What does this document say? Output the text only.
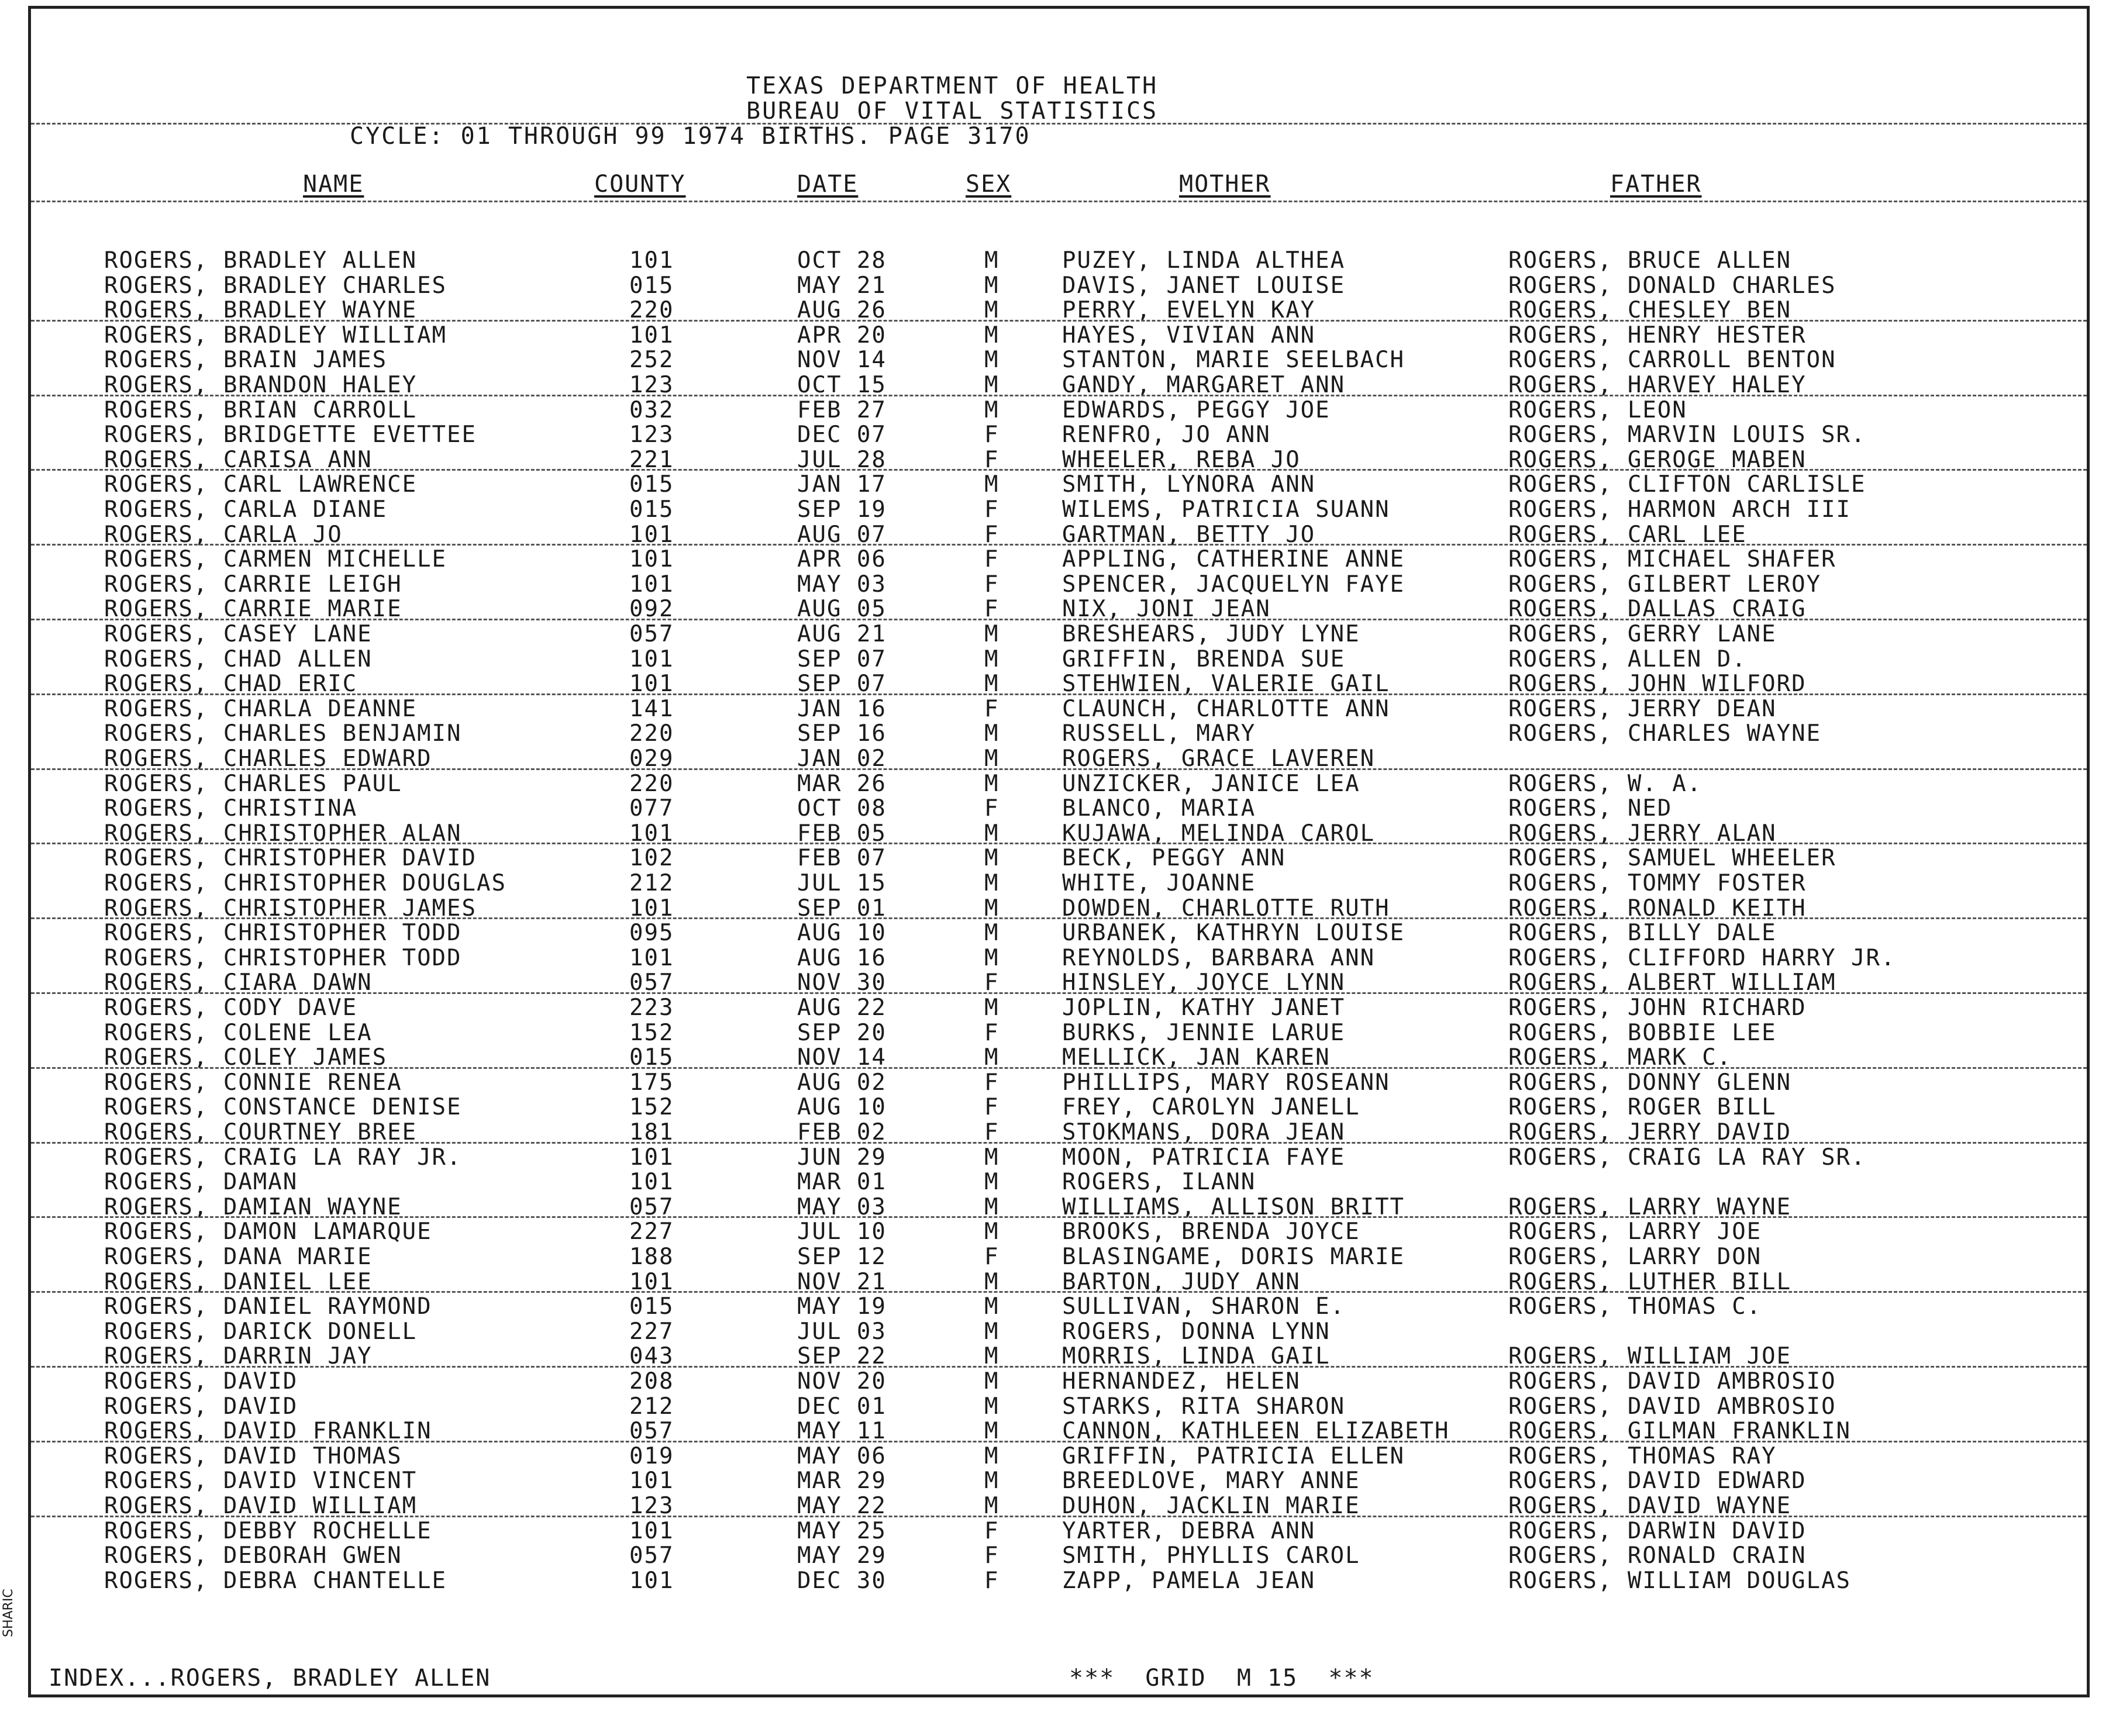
TEXAS DEPARTMENT OF HEALTH
BUREAU OF VITAL STATISTICS
CYCLE: 01 THROUGH 99 1974 BIRTHS. PAGE 3170
NAME	COUNTY	DATE	SEX	MOTHER	FATHER
ROGERS, BRADLEY ALLEN	101	OCT 28	M	PUZEY, LINDA ALTHEA	ROGERS, BRUCE ALLEN
ROGERS, BRADLEY CHARLES	015	MAY 21	M	DAVIS, JANET LOUISE	ROGERS, DONALD CHARLES
ROGERS, BRADLEY WAYNE	220	AUG 26	M	PERRY, EVELYN KAY	ROGERS, CHESLEY BEN
ROGERS, BRADLEY WILLIAM	101	APR 20	M	HAYES, VIVIAN ANN	ROGERS, HENRY HESTER
ROGERS, BRAIN JAMES	252	NOV 14	M	STANTON, MARIE SEELBACH	ROGERS, CARROLL BENTON
ROGERS, BRANDON HALEY	123	OCT 15	M	GANDY, MARGARET ANN	ROGERS, HARVEY HALEY
ROGERS, BRIAN CARROLL	032	FEB 27	M	EDWARDS, PEGGY JOE	ROGERS, LEON
ROGERS, BRIDGETTE EVETTEE	123	DEC 07	F	RENFRO, JO ANN	ROGERS, MARVIN LOUIS SR.
ROGERS, CARISA ANN	221	JUL 28	F	WHEELER, REBA JO	ROGERS, GEROGE MABEN
ROGERS, CARL LAWRENCE	015	JAN 17	M	SMITH, LYNORA ANN	ROGERS, CLIFTON CARLISLE
ROGERS, CARLA DIANE	015	SEP 19	F	WILEMS, PATRICIA SUANN	ROGERS, HARMON ARCH III
ROGERS, CARLA JO	101	AUG 07	F	GARTMAN, BETTY JO	ROGERS, CARL LEE
ROGERS, CARMEN MICHELLE	101	APR 06	F	APPLING, CATHERINE ANNE	ROGERS, MICHAEL SHAFER
ROGERS, CARRIE LEIGH	101	MAY 03	F	SPENCER, JACQUELYN FAYE	ROGERS, GILBERT LEROY
ROGERS, CARRIE MARIE	092	AUG 05	F	NIX, JONI JEAN	ROGERS, DALLAS CRAIG
ROGERS, CASEY LANE	057	AUG 21	M	BRESHEARS, JUDY LYNE	ROGERS, GERRY LANE
ROGERS, CHAD ALLEN	101	SEP 07	M	GRIFFIN, BRENDA SUE	ROGERS, ALLEN D.
ROGERS, CHAD ERIC	101	SEP 07	M	STEHWIEN, VALERIE GAIL	ROGERS, JOHN WILFORD
ROGERS, CHARLA DEANNE	141	JAN 16	F	CLAUNCH, CHARLOTTE ANN	ROGERS, JERRY DEAN
ROGERS, CHARLES BENJAMIN	220	SEP 16	M	RUSSELL, MARY	ROGERS, CHARLES WAYNE
ROGERS, CHARLES EDWARD	029	JAN 02	M	ROGERS, GRACE LAVEREN
ROGERS, CHARLES PAUL	220	MAR 26	M	UNZICKER, JANICE LEA	ROGERS, W. A.
ROGERS, CHRISTINA	077	OCT 08	F	BLANCO, MARIA	ROGERS, NED
ROGERS, CHRISTOPHER ALAN	101	FEB 05	M	KUJAWA, MELINDA CAROL	ROGERS, JERRY ALAN
ROGERS, CHRISTOPHER DAVID	102	FEB 07	M	BECK, PEGGY ANN	ROGERS, SAMUEL WHEELER
ROGERS, CHRISTOPHER DOUGLAS	212	JUL 15	M	WHITE, JOANNE	ROGERS, TOMMY FOSTER
ROGERS, CHRISTOPHER JAMES	101	SEP 01	M	DOWDEN, CHARLOTTE RUTH	ROGERS, RONALD KEITH
ROGERS, CHRISTOPHER TODD	095	AUG 10	M	URBANEK, KATHRYN LOUISE	ROGERS, BILLY DALE
ROGERS, CHRISTOPHER TODD	101	AUG 16	M	REYNOLDS, BARBARA ANN	ROGERS, CLIFFORD HARRY JR.
ROGERS, CIARA DAWN	057	NOV 30	F	HINSLEY, JOYCE LYNN	ROGERS, ALBERT WILLIAM
ROGERS, CODY DAVE	223	AUG 22	M	JOPLIN, KATHY JANET	ROGERS, JOHN RICHARD
ROGERS, COLENE LEA	152	SEP 20	F	BURKS, JENNIE LARUE	ROGERS, BOBBIE LEE
ROGERS, COLEY JAMES	015	NOV 14	M	MELLICK, JAN KAREN	ROGERS, MARK C.
ROGERS, CONNIE RENEA	175	AUG 02	F	PHILLIPS, MARY ROSEANN	ROGERS, DONNY GLENN
ROGERS, CONSTANCE DENISE	152	AUG 10	F	FREY, CAROLYN JANELL	ROGERS, ROGER BILL
ROGERS, COURTNEY BREE	181	FEB 02	F	STOKMANS, DORA JEAN	ROGERS, JERRY DAVID
ROGERS, CRAIG LA RAY JR.	101	JUN 29	M	MOON, PATRICIA FAYE	ROGERS, CRAIG LA RAY SR.
ROGERS, DAMAN	101	MAR 01	M	ROGERS, ILANN
ROGERS, DAMIAN WAYNE	057	MAY 03	M	WILLIAMS, ALLISON BRITT	ROGERS, LARRY WAYNE
ROGERS, DAMON LAMARQUE	227	JUL 10	M	BROOKS, BRENDA JOYCE	ROGERS, LARRY JOE
ROGERS, DANA MARIE	188	SEP 12	F	BLASINGAME, DORIS MARIE	ROGERS, LARRY DON
ROGERS, DANIEL LEE	101	NOV 21	M	BARTON, JUDY ANN	ROGERS, LUTHER BILL
ROGERS, DANIEL RAYMOND	015	MAY 19	M	SULLIVAN, SHARON E.	ROGERS, THOMAS C.
ROGERS, DARICK DONELL	227	JUL 03	M	ROGERS, DONNA LYNN
ROGERS, DARRIN JAY	043	SEP 22	M	MORRIS, LINDA GAIL	ROGERS, WILLIAM JOE
ROGERS, DAVID	208	NOV 20	M	HERNANDEZ, HELEN	ROGERS, DAVID AMBROSIO
ROGERS, DAVID	212	DEC 01	M	STARKS, RITA SHARON	ROGERS, DAVID AMBROSIO
ROGERS, DAVID FRANKLIN	057	MAY 11	M	CANNON, KATHLEEN ELIZABETH	ROGERS, GILMAN FRANKLIN
ROGERS, DAVID THOMAS	019	MAY 06	M	GRIFFIN, PATRICIA ELLEN	ROGERS, THOMAS RAY
ROGERS, DAVID VINCENT	101	MAR 29	M	BREEDLOVE, MARY ANNE	ROGERS, DAVID EDWARD
ROGERS, DAVID WILLIAM	123	MAY 22	M	DUHON, JACKLIN MARIE	ROGERS, DAVID WAYNE
ROGERS, DEBBY ROCHELLE	101	MAY 25	F	YARTER, DEBRA ANN	ROGERS, DARWIN DAVID
ROGERS, DEBORAH GWEN	057	MAY 29	F	SMITH, PHYLLIS CAROL	ROGERS, RONALD CRAIN
ROGERS, DEBRA CHANTELLE	101	DEC 30	F	ZAPP, PAMELA JEAN	ROGERS, WILLIAM DOUGLAS
INDEX...ROGERS, BRADLEY ALLEN	***  GRID  M 15  ***
SHARIC
